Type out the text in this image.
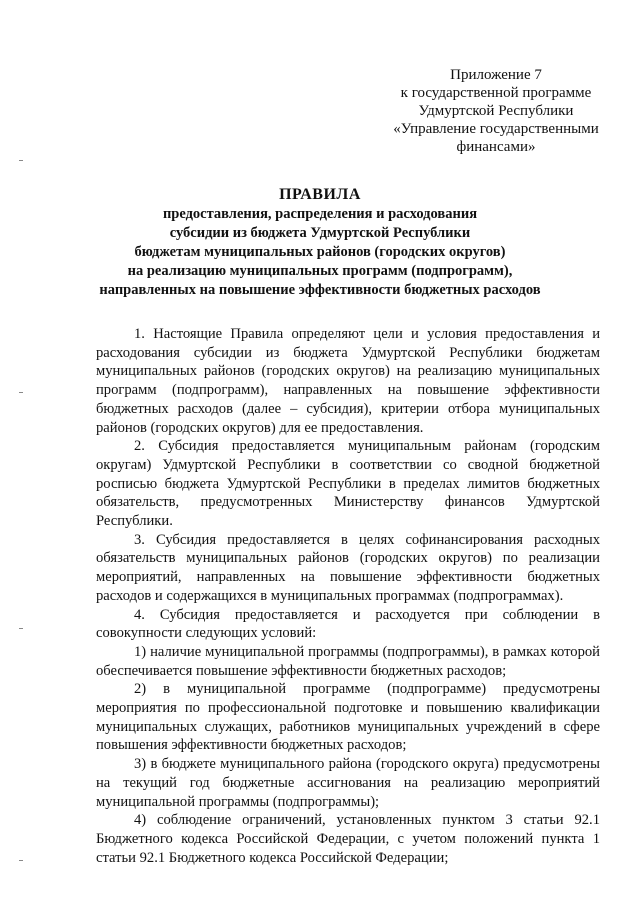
Приложение 7
к государственной программе
Удмуртской Республики
«Управление государственными
финансами»
ПРАВИЛА
предоставления, распределения и расходования
субсидии из бюджета Удмуртской Республики
бюджетам муниципальных районов (городских округов)
на реализацию муниципальных программ (подпрограмм),
направленных на повышение эффективности бюджетных расходов

1. Настоящие Правила определяют цели и условия предоставления и расходования субсидии из бюджета Удмуртской Республики бюджетам муниципальных районов (городских округов) на реализацию муниципальных программ (подпрограмм), направленных на повышение эффективности бюджетных расходов (далее – субсидия), критерии отбора муниципальных районов (городских округов) для ее предоставления.

2. Субсидия предоставляется муниципальным районам (городским округам) Удмуртской Республики в соответствии со сводной бюджетной росписью бюджета Удмуртской Республики в пределах лимитов бюджетных обязательств, предусмотренных Министерству финансов Удмуртской Республики.

3. Субсидия предоставляется в целях софинансирования расходных обязательств муниципальных районов (городских округов) по реализации мероприятий, направленных на повышение эффективности бюджетных расходов и содержащихся в муниципальных программах (подпрограммах).

4. Субсидия предоставляется и расходуется при соблюдении в совокупности следующих условий:

1) наличие муниципальной программы (подпрограммы), в рамках которой обеспечивается повышение эффективности бюджетных расходов;

2) в муниципальной программе (подпрограмме) предусмотрены мероприятия по профессиональной подготовке и повышению квалификации муниципальных служащих, работников муниципальных учреждений в сфере повышения эффективности бюджетных расходов;

3) в бюджете муниципального района (городского округа) предусмотрены на текущий год бюджетные ассигнования на реализацию мероприятий муниципальной программы (подпрограммы);

4) соблюдение ограничений, установленных пунктом 3 статьи 92.1 Бюджетного кодекса Российской Федерации, с учетом положений пункта 1 статьи 92.1 Бюджетного кодекса Российской Федерации;
